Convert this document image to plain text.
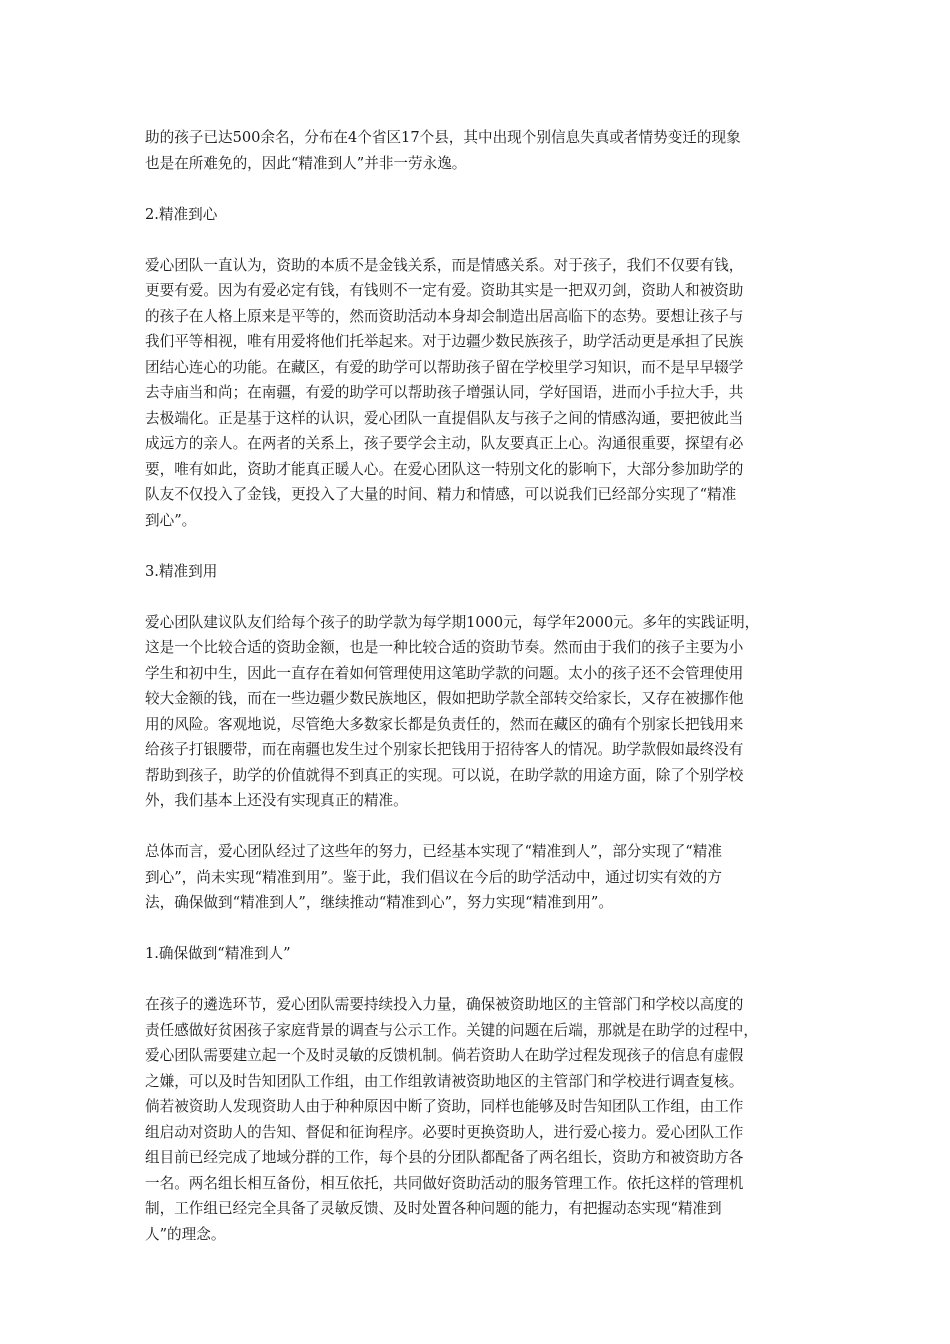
助的孩子已达500余名，分布在4个省区17个县，其中出现个别信息失真或者情势变迁的现象
也是在所难免的，因此“精准到人”并非一劳永逸。

2.精准到心

爱心团队一直认为，资助的本质不是金钱关系，而是情感关系。对于孩子，我们不仅要有钱，
更要有爱。因为有爱必定有钱，有钱则不一定有爱。资助其实是一把双刃剑，资助人和被资助
的孩子在人格上原来是平等的，然而资助活动本身却会制造出居高临下的态势。要想让孩子与
我们平等相视，唯有用爱将他们托举起来。对于边疆少数民族孩子，助学活动更是承担了民族
团结心连心的功能。在藏区，有爱的助学可以帮助孩子留在学校里学习知识，而不是早早辍学
去寺庙当和尚；在南疆，有爱的助学可以帮助孩子增强认同，学好国语，进而小手拉大手，共
去极端化。正是基于这样的认识，爱心团队一直提倡队友与孩子之间的情感沟通，要把彼此当
成远方的亲人。在两者的关系上，孩子要学会主动，队友要真正上心。沟通很重要，探望有必
要，唯有如此，资助才能真正暖人心。在爱心团队这一特别文化的影响下，大部分参加助学的
队友不仅投入了金钱，更投入了大量的时间、精力和情感，可以说我们已经部分实现了“精准
到心”。

3.精准到用

爱心团队建议队友们给每个孩子的助学款为每学期1000元，每学年2000元。多年的实践证明，
这是一个比较合适的资助金额，也是一种比较合适的资助节奏。然而由于我们的孩子主要为小
学生和初中生，因此一直存在着如何管理使用这笔助学款的问题。太小的孩子还不会管理使用
较大金额的钱，而在一些边疆少数民族地区，假如把助学款全部转交给家长，又存在被挪作他
用的风险。客观地说，尽管绝大多数家长都是负责任的，然而在藏区的确有个别家长把钱用来
给孩子打银腰带，而在南疆也发生过个别家长把钱用于招待客人的情况。助学款假如最终没有
帮助到孩子，助学的价值就得不到真正的实现。可以说，在助学款的用途方面，除了个别学校
外，我们基本上还没有实现真正的精准。

总体而言，爱心团队经过了这些年的努力，已经基本实现了“精准到人”，部分实现了“精准
到心”，尚未实现“精准到用”。鉴于此，我们倡议在今后的助学活动中，通过切实有效的方
法，确保做到“精准到人”，继续推动“精准到心”，努力实现“精准到用”。

1.确保做到“精准到人”

在孩子的遴选环节，爱心团队需要持续投入力量，确保被资助地区的主管部门和学校以高度的
责任感做好贫困孩子家庭背景的调查与公示工作。关键的问题在后端，那就是在助学的过程中，
爱心团队需要建立起一个及时灵敏的反馈机制。倘若资助人在助学过程发现孩子的信息有虚假
之嫌，可以及时告知团队工作组，由工作组敦请被资助地区的主管部门和学校进行调查复核。
倘若被资助人发现资助人由于种种原因中断了资助，同样也能够及时告知团队工作组，由工作
组启动对资助人的告知、督促和征询程序。必要时更换资助人，进行爱心接力。爱心团队工作
组目前已经完成了地域分群的工作，每个县的分团队都配备了两名组长，资助方和被资助方各
一名。两名组长相互备份，相互依托，共同做好资助活动的服务管理工作。依托这样的管理机
制，工作组已经完全具备了灵敏反馈、及时处置各种问题的能力，有把握动态实现“精准到
人”的理念。
